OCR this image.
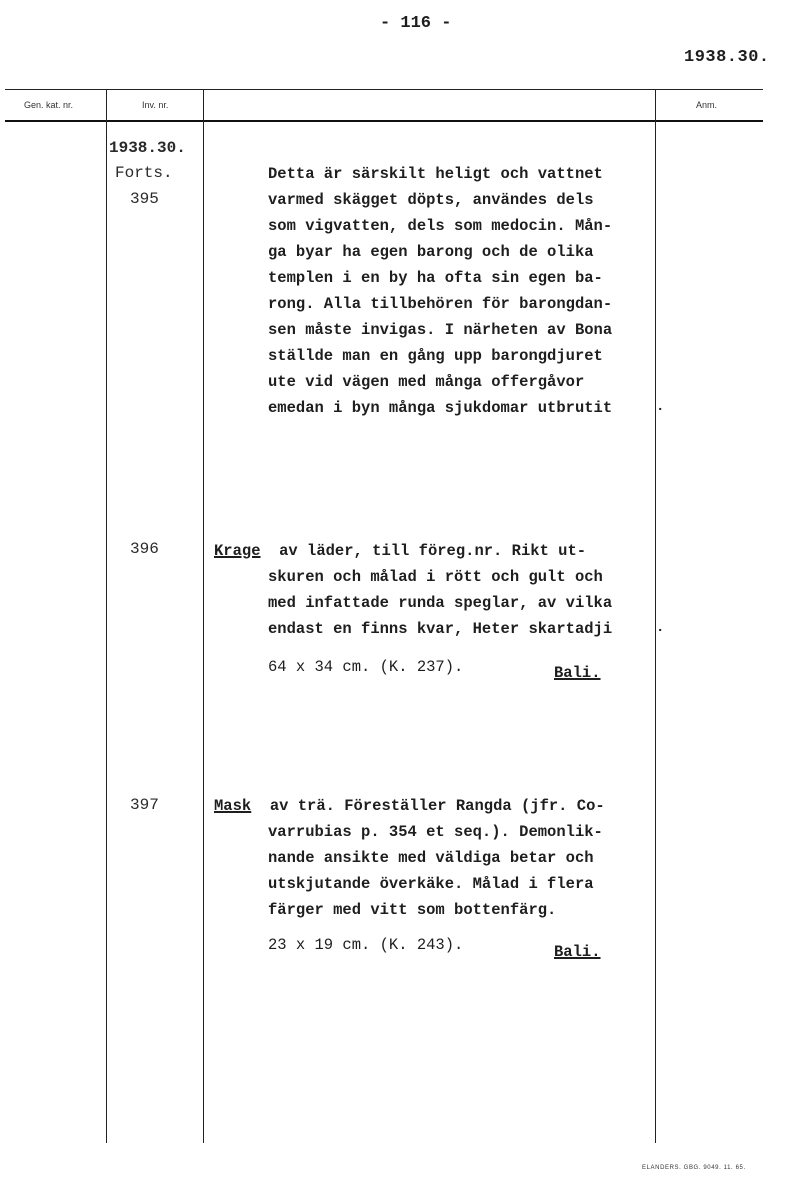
- 116 -
1938.30.
Gen. kat. nr.	Inv. nr.	Anm.
1938.30.
Forts.
395
Detta är särskilt heligt och vattnet
varmed skägget döpts, användes dels
som vigvatten, dels som medocin. Mån-
ga byar ha egen barong och de olika
templen i en by ha ofta sin egen ba-
rong. Alla tillbehören för barongdan-
sen måste invigas. I närheten av Bona
ställde man en gång upp barongdjuret
ute vid vägen med många offergåvor
emedan i byn många sjukdomar utbrutit	.
396	Krage av läder, till föreg.nr. Rikt ut-
skuren och målad i rött och gult och
med infattade runda speglar, av vilka
endast en finns kvar, Heter skartadji	.
64 x 34 cm. (K. 237).	Bali.
397	Mask av trä. Föreställer Rangda (jfr. Co-
varrubias p. 354 et seq.). Demonlik-
nande ansikte med väldiga betar och
utskjutande överkäke. Målad i flera
färger med vitt som bottenfärg.
23 x 19 cm. (K. 243).	Bali.
ELANDERS. GBG. 9049. 11. 65.
